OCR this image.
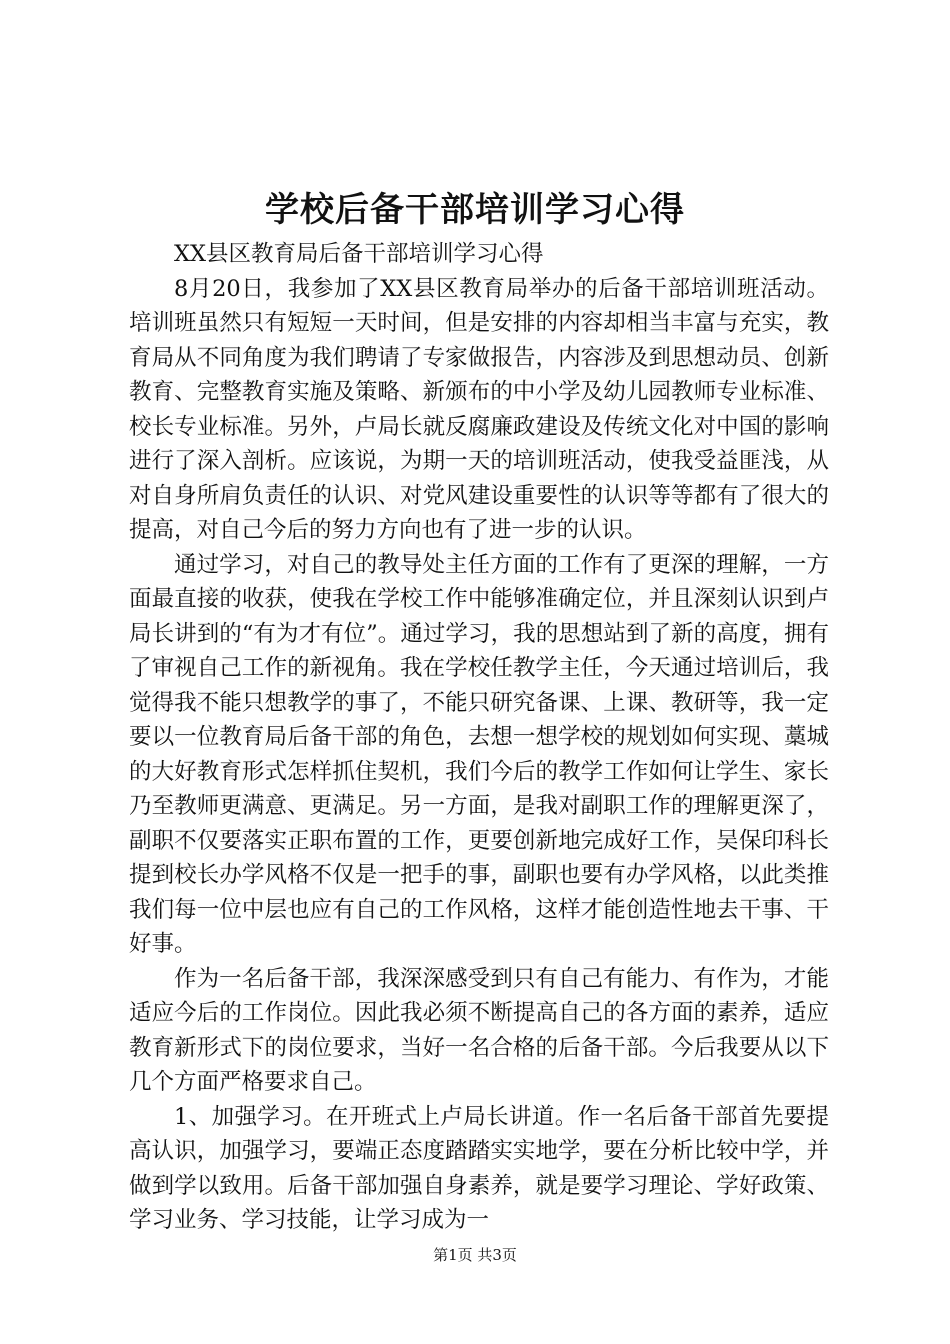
学校后备干部培训学习心得

XX县区教育局后备干部培训学习心得

8月20日，我参加了XX县区教育局举办的后备干部培训班活动。培训班虽然只有短短一天时间，但是安排的内容却相当丰富与充实，教育局从不同角度为我们聘请了专家做报告，内容涉及到思想动员、创新教育、完整教育实施及策略、新颁布的中小学及幼儿园教师专业标准、校长专业标准。另外，卢局长就反腐廉政建设及传统文化对中国的影响进行了深入剖析。应该说，为期一天的培训班活动，使我受益匪浅，从对自身所肩负责任的认识、对党风建设重要性的认识等等都有了很大的提高，对自己今后的努力方向也有了进一步的认识。

通过学习，对自己的教导处主任方面的工作有了更深的理解，一方面最直接的收获，使我在学校工作中能够准确定位，并且深刻认识到卢局长讲到的“有为才有位”。通过学习，我的思想站到了新的高度，拥有了审视自己工作的新视角。我在学校任教学主任，今天通过培训后，我觉得我不能只想教学的事了，不能只研究备课、上课、教研等，我一定要以一位教育局后备干部的角色，去想一想学校的规划如何实现、藁城的大好教育形式怎样抓住契机，我们今后的教学工作如何让学生、家长乃至教师更满意、更满足。另一方面，是我对副职工作的理解更深了，副职不仅要落实正职布置的工作，更要创新地完成好工作，吴保印科长提到校长办学风格不仅是一把手的事，副职也要有办学风格，以此类推我们每一位中层也应有自己的工作风格，这样才能创造性地去干事、干好事。

作为一名后备干部，我深深感受到只有自己有能力、有作为，才能适应今后的工作岗位。因此我必须不断提高自己的各方面的素养，适应教育新形式下的岗位要求，当好一名合格的后备干部。今后我要从以下几个方面严格要求自己。

1、加强学习。在开班式上卢局长讲道。作一名后备干部首先要提高认识，加强学习，要端正态度踏踏实实地学，要在分析比较中学，并做到学以致用。后备干部加强自身素养，就是要学习理论、学好政策、学习业务、学习技能，让学习成为一

第1页 共3页
